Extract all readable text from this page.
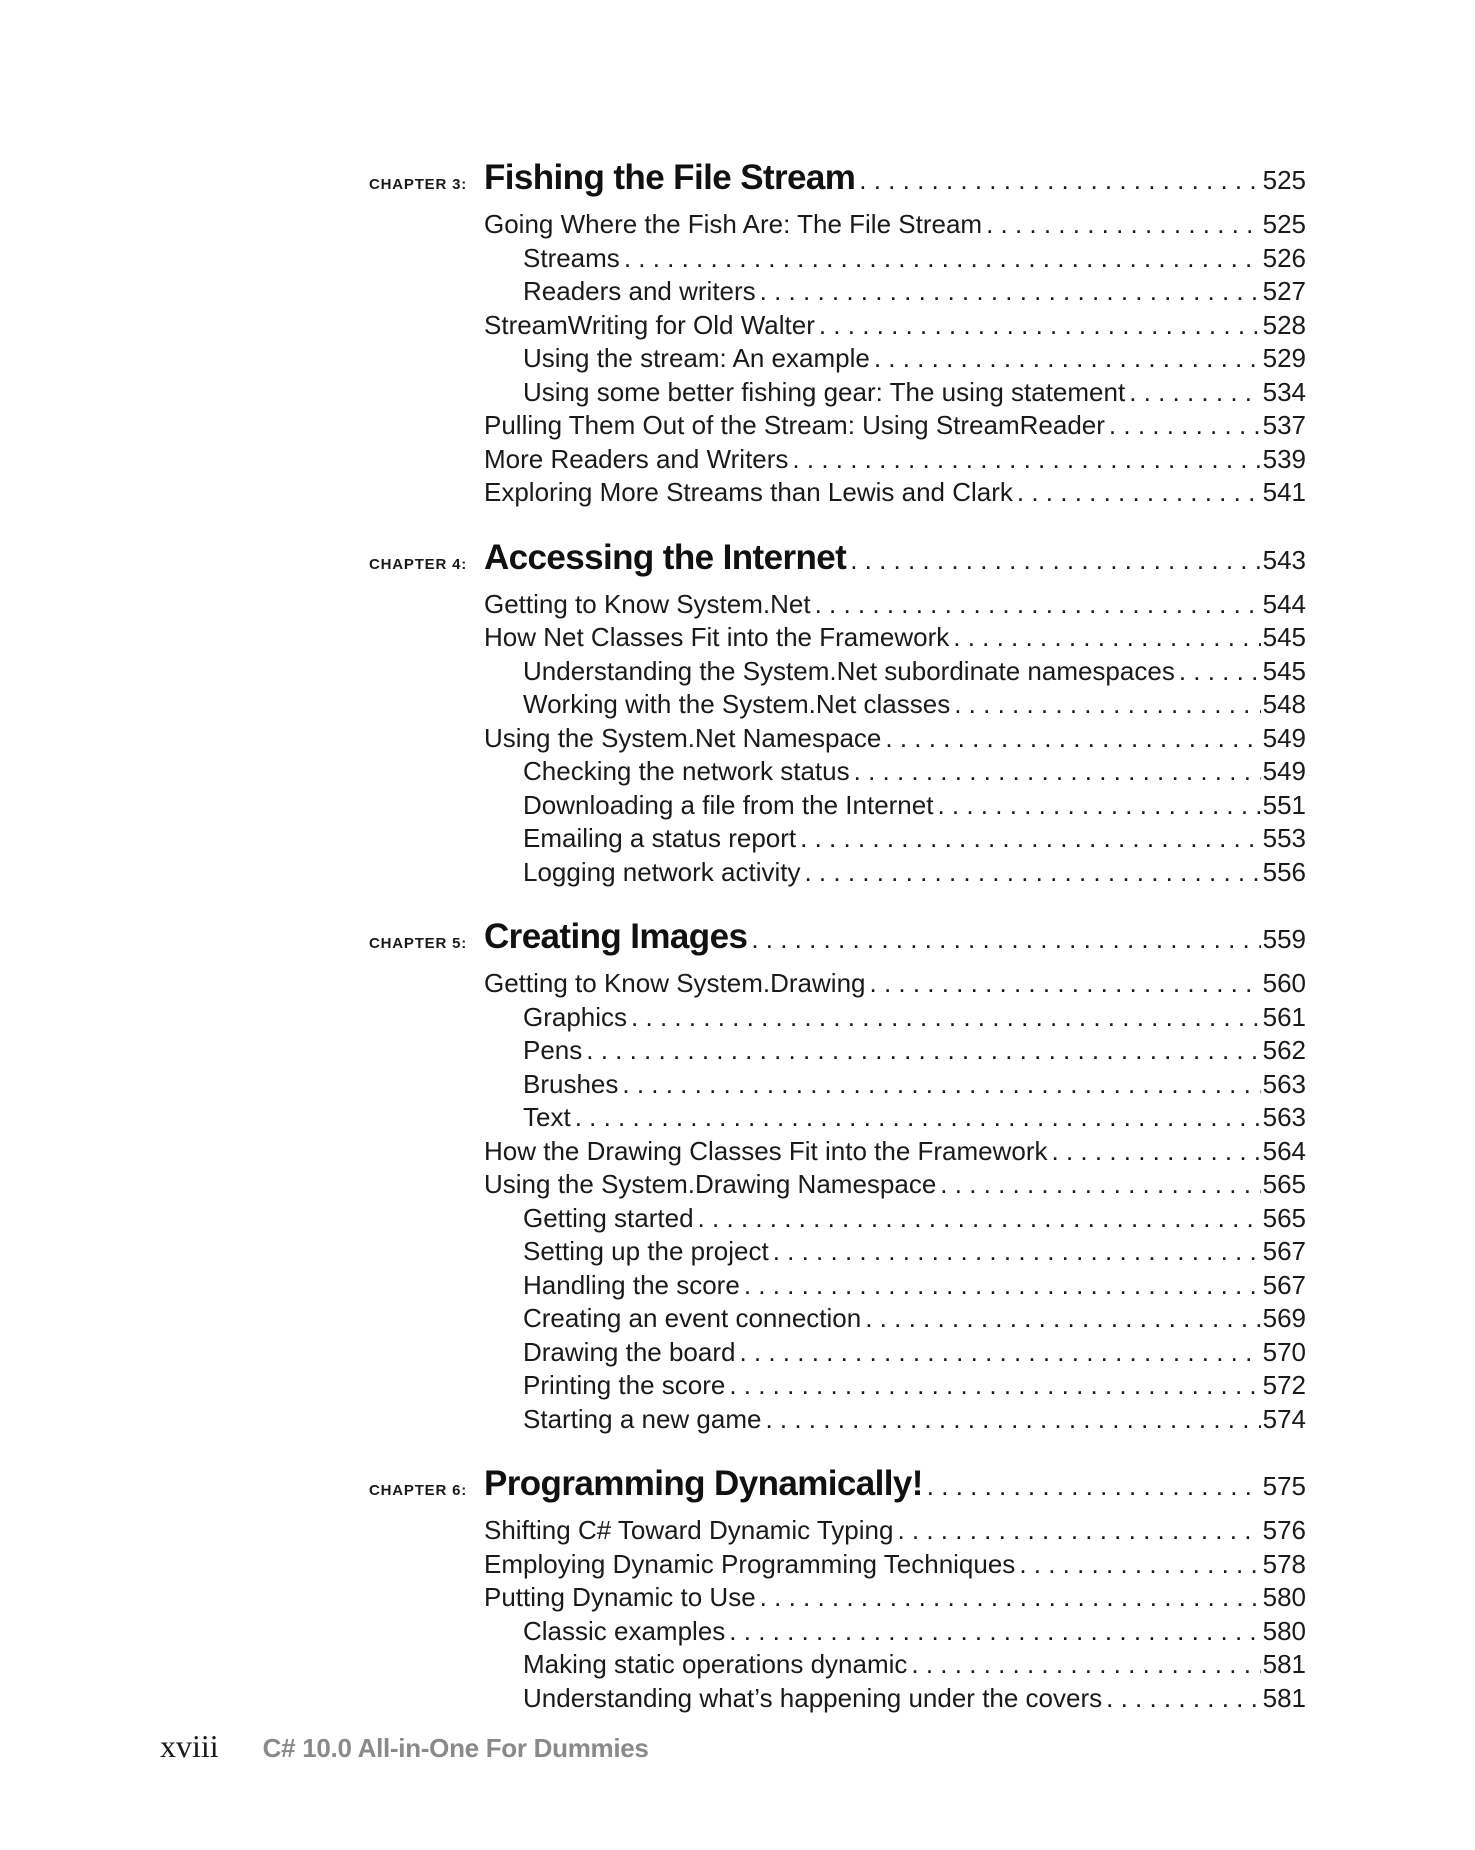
CHAPTER 3: Fishing the File Stream . . .	525
Going Where the Fish Are: The File Stream . . .	525
Streams . . .	526
Readers and writers . . .	527
StreamWriting for Old Walter . . .	528
Using the stream: An example . . .	529
Using some better fishing gear: The using statement . . .	534
Pulling Them Out of the Stream: Using StreamReader . . .	537
More Readers and Writers . . .	539
Exploring More Streams than Lewis and Clark . . .	541
CHAPTER 4: Accessing the Internet . . .	543
Getting to Know System.Net . . .	544
How Net Classes Fit into the Framework . . .	545
Understanding the System.Net subordinate namespaces . . .	545
Working with the System.Net classes . . .	548
Using the System.Net Namespace . . .	549
Checking the network status . . .	549
Downloading a file from the Internet . . .	551
Emailing a status report . . .	553
Logging network activity . . .	556
CHAPTER 5: Creating Images . . .	559
Getting to Know System.Drawing . . .	560
Graphics . . .	561
Pens . . .	562
Brushes . . .	563
Text . . .	563
How the Drawing Classes Fit into the Framework . . .	564
Using the System.Drawing Namespace . . .	565
Getting started . . .	565
Setting up the project . . .	567
Handling the score . . .	567
Creating an event connection . . .	569
Drawing the board . . .	570
Printing the score . . .	572
Starting a new game . . .	574
CHAPTER 6: Programming Dynamically! . . .	575
Shifting C# Toward Dynamic Typing . . .	576
Employing Dynamic Programming Techniques . . .	578
Putting Dynamic to Use . . .	580
Classic examples . . .	580
Making static operations dynamic . . .	581
Understanding what’s happening under the covers . . .	581
xviii C# 10.0 All-in-One For Dummies
